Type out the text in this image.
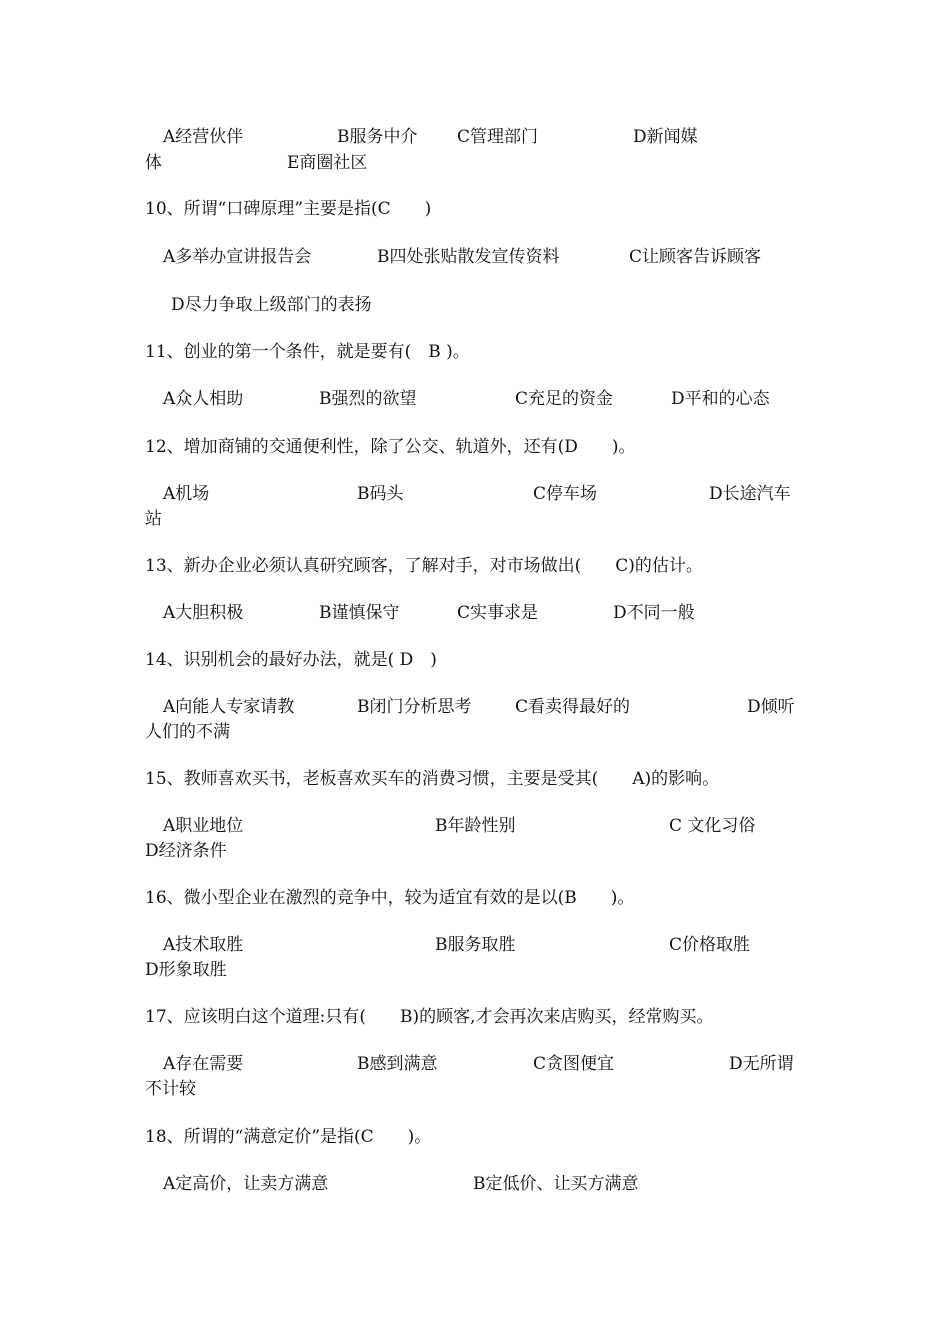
A经营伙伴

	B服务中介

C管理部门

	D新闻媒

体

	E商圈社区

10、所谓“口碑原理”主要是指(C　　)

A多举办宣讲报告会

	B四处张贴散发宣传资料

	C让顾客告诉顾客

D尽力争取上级部门的表扬

11、创业的第一个条件，就是要有(　B )。

A众人相助

	B强烈的欲望

	C充足的资金

	D平和的心态

12、增加商铺的交通便利性，除了公交、轨道外，还有(D　　)。

A机场

	B码头

	C停车场

	D长途汽车

站

13、新办企业必须认真研究顾客，了解对手，对市场做出(　　C)的估计。

A大胆积极

	B谨慎保守

	C实事求是

	D不同一般

14、识别机会的最好办法，就是( D　)

A向能人专家请教

	B闭门分析思考

	C看卖得最好的

	D倾听

人们的不满

15、教师喜欢买书，老板喜欢买车的消费习惯，主要是受其(　　A)的影响。

A职业地位

	B年龄性别

	C 文化习俗

D经济条件

16、微小型企业在激烈的竞争中，较为适宜有效的是以(B　　)。

A技术取胜

	B服务取胜

	C价格取胜

D形象取胜

17、应该明白这个道理:只有(　　B)的顾客,才会再次来店购买，经常购买。

A存在需要

	B感到满意

	C贪图便宜

	D无所谓

不计较

18、所谓的“满意定价”是指(C　　)。

A定高价，让卖方满意

	B定低价、让买方满意
